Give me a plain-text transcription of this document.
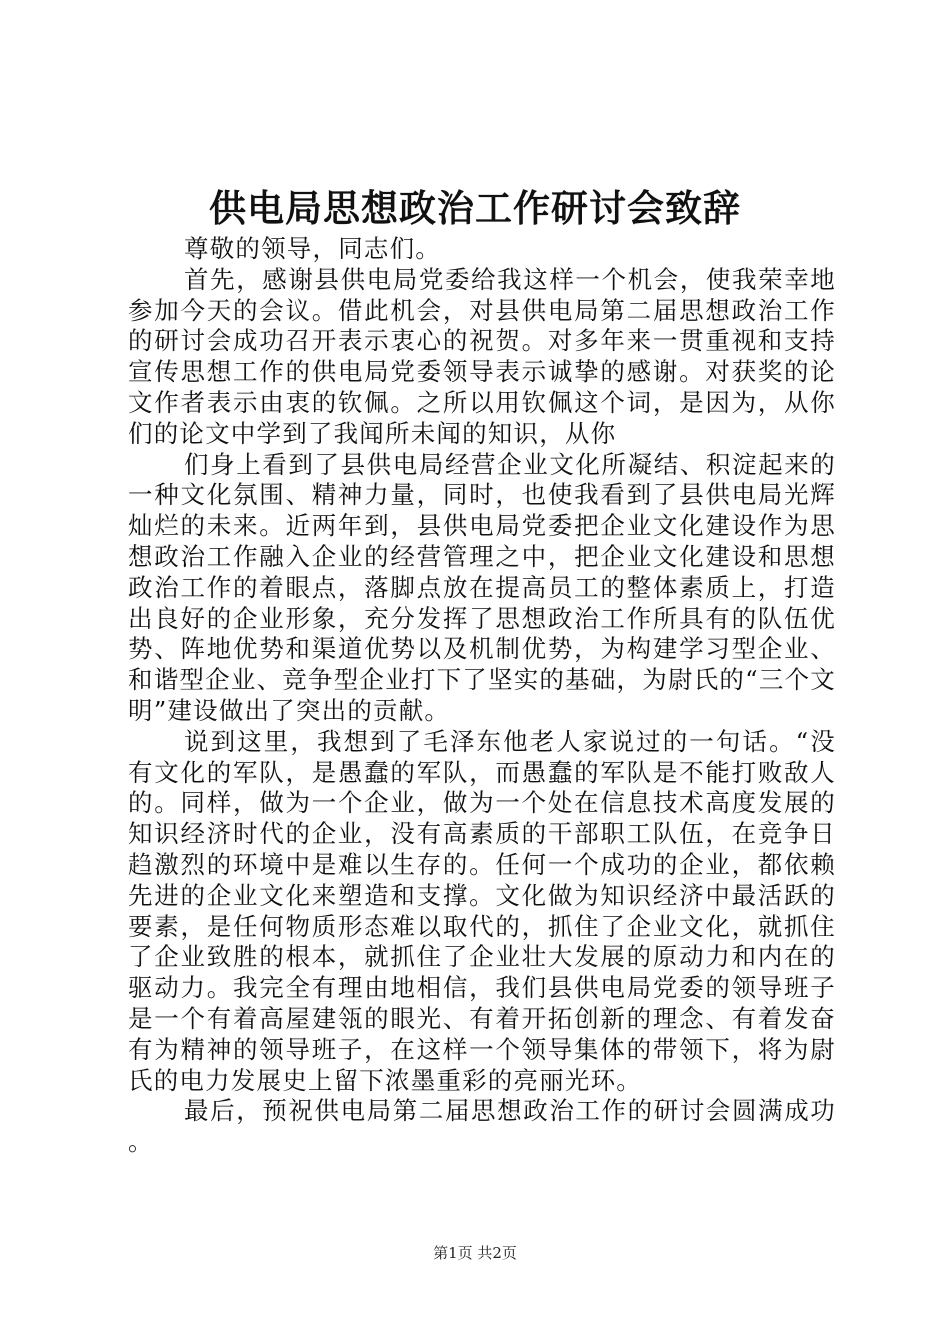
供电局思想政治工作研讨会致辞

尊敬的领导，同志们。

首先，感谢县供电局党委给我这样一个机会，使我荣幸地参加今天的会议。借此机会，对县供电局第二届思想政治工作的研讨会成功召开表示衷心的祝贺。对多年来一贯重视和支持宣传思想工作的供电局党委领导表示诚挚的感谢。对获奖的论文作者表示由衷的钦佩。之所以用钦佩这个词，是因为，从你们的论文中学到了我闻所未闻的知识，从你

们身上看到了县供电局经营企业文化所凝结、积淀起来的一种文化氛围、精神力量，同时，也使我看到了县供电局光辉灿烂的未来。近两年到，县供电局党委把企业文化建设作为思想政治工作融入企业的经营管理之中，把企业文化建设和思想政治工作的着眼点，落脚点放在提高员工的整体素质上，打造出良好的企业形象，充分发挥了思想政治工作所具有的队伍优势、阵地优势和渠道优势以及机制优势，为构建学习型企业、和谐型企业、竞争型企业打下了坚实的基础，为尉氏的“三个文明”建设做出了突出的贡献。

说到这里，我想到了毛泽东他老人家说过的一句话。“没有文化的军队，是愚蠢的军队，而愚蠢的军队是不能打败敌人的。同样，做为一个企业，做为一个处在信息技术高度发展的知识经济时代的企业，没有高素质的干部职工队伍，在竞争日趋激烈的环境中是难以生存的。任何一个成功的企业，都依赖先进的企业文化来塑造和支撑。文化做为知识经济中最活跃的要素，是任何物质形态难以取代的，抓住了企业文化，就抓住了企业致胜的根本，就抓住了企业壮大发展的原动力和内在的驱动力。我完全有理由地相信，我们县供电局党委的领导班子是一个有着高屋建瓴的眼光、有着开拓创新的理念、有着发奋有为精神的领导班子，在这样一个领导集体的带领下，将为尉氏的电力发展史上留下浓墨重彩的亮丽光环。

最后，预祝供电局第二届思想政治工作的研讨会圆满成功。

第1页 共2页
